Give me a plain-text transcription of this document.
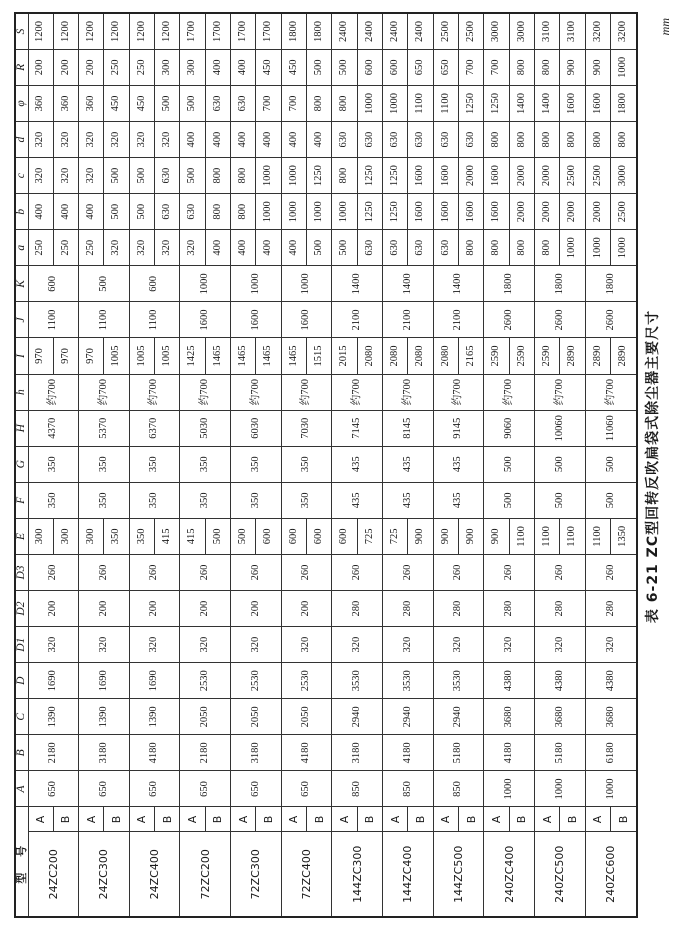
型 号		A	B	C	D	D1	D2	D3	E	F	G	H	h	I	J	K	a	b	c	d	φ	R	S
24ZC200	A	650	2180	1390	1690	320	200	260	300	350	350	4370	约700	970	1100	600	250	400	320	320	360	200	1200
	B								300					970			250	400	320	320	360	200	1200
24ZC300	A	650	3180	1390	1690	320	200	260	300	350	350	5370	约700	970	1100	500	250	400	320	320	360	200	1200
	B								350					1005			320	500	500	320	450	250	1200
24ZC400	A	650	4180	1390	1690	320	200	260	350	350	350	6370	约700	1005	1100	600	320	500	500	320	450	250	1200
	B								415					1005			320	630	630	320	500	300	1200
72ZC200	A	650	2180	2050	2530	320	200	260	415	350	350	5030	约700	1425	1600	1000	320	630	500	400	500	300	1700
	B								500					1465			400	800	800	400	630	400	1700
72ZC300	A	650	3180	2050	2530	320	200	260	500	350	350	6030	约700	1465	1600	1000	400	800	800	400	630	400	1700
	B								600					1465			400	1000	1000	400	700	450	1700
72ZC400	A	650	4180	2050	2530	320	200	260	600	350	350	7030	约700	1465	1600	1000	400	1000	1000	400	700	450	1800
	B								600					1515			500	1000	1250	400	800	500	1800
144ZC300	A	850	3180	2940	3530	320	280	260	600	435	435	7145	约700	2015	2100	1400	500	1000	800	630	800	500	2400
	B								725					2080			630	1250	1250	630	1000	600	2400
144ZC400	A	850	4180	2940	3530	320	280	260	725	435	435	8145	约700	2080	2100	1400	630	1250	1250	630	1000	600	2400
	B								900					2080			630	1600	1600	630	1100	650	2400
144ZC500	A	850	5180	2940	3530	320	280	260	900	435	435	9145	约700	2080	2100	1400	630	1600	1600	630	1100	650	2500
	B								900					2165			800	1600	2000	630	1250	700	2500
240ZC400	A	1000	4180	3680	4380	320	280	260	900	500	500	9060	约700	2590	2600	1800	800	1600	1600	800	1250	700	3000
	B								1100					2590			800	2000	2000	800	1400	800	3000
240ZC500	A	1000	5180	3680	4380	320	280	260	1100	500	500	10060	约700	2590	2600	1800	800	2000	2000	800	1400	800	3100
	B								1100					2890			1000	2000	2500	800	1600	900	3100
240ZC600	A	1000	6180	3680	4380	320	280	260	1100	500	500	11060	约700	2890	2600	1800	1000	2000	2500	800	1600	900	3200
	B								1350					2890			1000	2500	3000	800	1800	1000	3200
表 6-21 ZC型回转反吹扁袋式除尘器主要尺寸
mm
